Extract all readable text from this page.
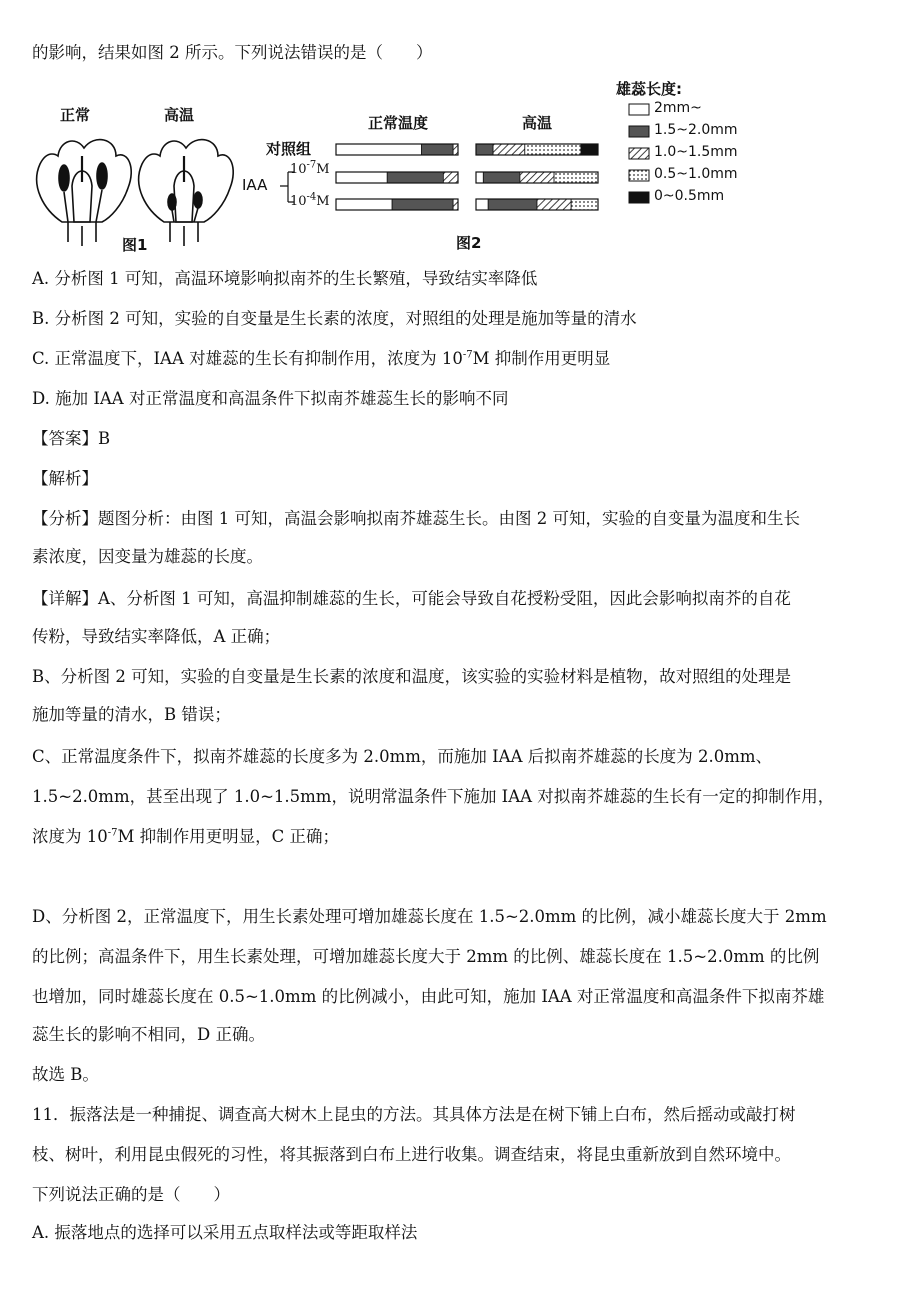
的影响，结果如图 2 所示。下列说法错误的是（　　）
正常	高温
图1
正常温度	高温
对照组
IAA
$10^{-7}M$
$10^{-4}M$
雄蕊长度:
2mm~
1.5~2.0mm
1.0~1.5mm
0.5~1.0mm
0~0.5mm
图2
A. 分析图 1 可知，高温环境影响拟南芥的生长繁殖，导致结实率降低
B. 分析图 2 可知，实验的自变量是生长素的浓度，对照组的处理是施加等量的清水
C. 正常温度下，IAA 对雄蕊的生长有抑制作用，浓度为 $10^{-7}M$ 抑制作用更明显
D. 施加 IAA 对正常温度和高温条件下拟南芥雄蕊生长的影响不同
【答案】B
【解析】
【分析】题图分析：由图 1 可知，高温会影响拟南芥雄蕊生长。由图 2 可知，实验的自变量为温度和生长
素浓度，因变量为雄蕊的长度。
【详解】A、分析图 1 可知，高温抑制雄蕊的生长，可能会导致自花授粉受阻，因此会影响拟南芥的自花
传粉，导致结实率降低，A 正确；
B、分析图 2 可知，实验的自变量是生长素的浓度和温度，该实验的实验材料是植物，故对照组的处理是
施加等量的清水，B 错误；
C、正常温度条件下，拟南芥雄蕊的长度多为 2.0mm，而施加 IAA 后拟南芥雄蕊的长度为 2.0mm、
1.5~2.0mm，甚至出现了 1.0~1.5mm，说明常温条件下施加 IAA 对拟南芥雄蕊的生长有一定的抑制作用，
浓度为 $10^{-7}M$ 抑制作用更明显，C 正确；
D、分析图 2，正常温度下，用生长素处理可增加雄蕊长度在 1.5~2.0mm 的比例，减小雄蕊长度大于 2mm
的比例；高温条件下，用生长素处理，可增加雄蕊长度大于 2mm 的比例、雄蕊长度在 1.5~2.0mm 的比例
也增加，同时雄蕊长度在 0.5~1.0mm 的比例减小，由此可知，施加 IAA 对正常温度和高温条件下拟南芥雄
蕊生长的影响不相同，D 正确。
故选 B。
11．振落法是一种捕捉、调查高大树木上昆虫的方法。其具体方法是在树下铺上白布，然后摇动或敲打树
枝、树叶，利用昆虫假死的习性，将其振落到白布上进行收集。调查结束，将昆虫重新放到自然环境中。
下列说法正确的是（　　）
A. 振落地点的选择可以采用五点取样法或等距取样法
